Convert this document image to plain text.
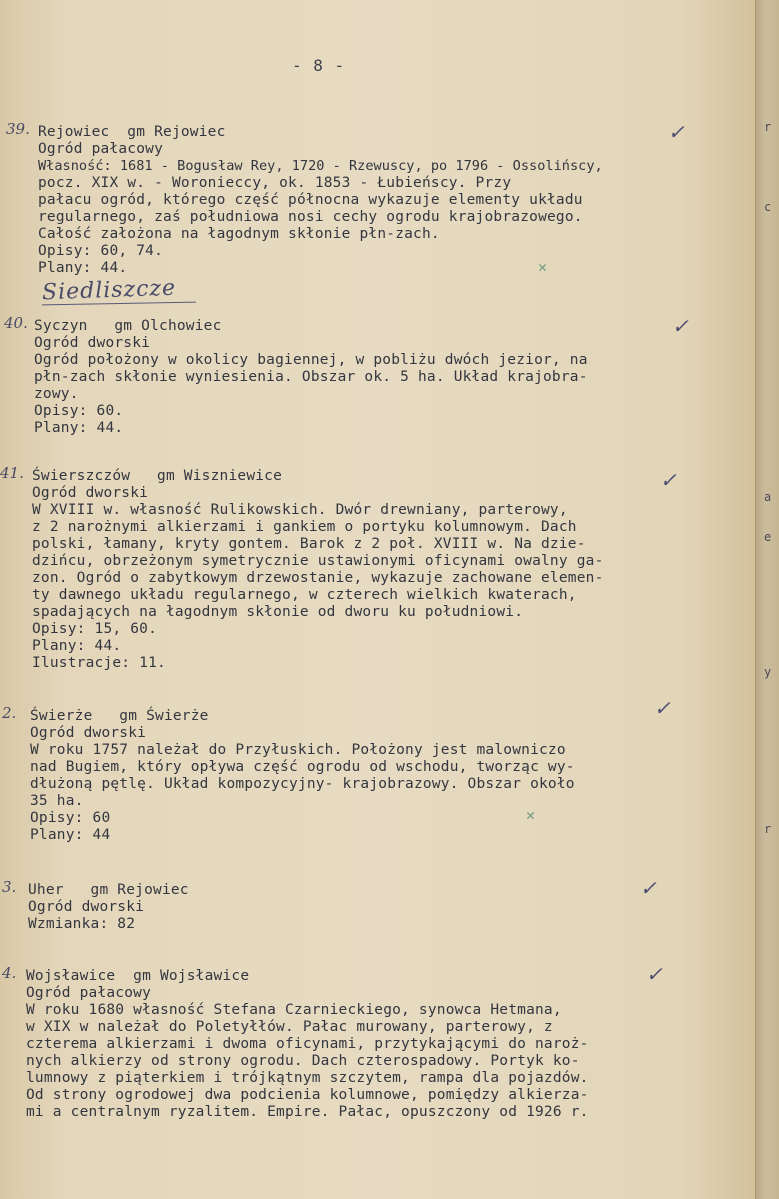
- 8 -
39. Rejowiec  gm Rejowiec
Ogród pałacowy
Własność: 1681 - Bogusław Rey, 1720 - Rzewuscy, po 1796 - Ossolińscy,
pocz. XIX w. - Woronieccy, ok. 1853 - Łubieńscy. Przy
pałacu ogród, którego część północna wykazuje elementy układu
regularnego, zaś południowa nosi cechy ogrodu krajobrazowego.
Całość założona na łagodnym skłonie płn-zach.
Opisy: 60, 74.
Plany: 44.
✓
✕
Siedliszcze
40. Syczyn   gm Olchowiec
Ogród dworski
Ogród położony w okolicy bagiennej, w pobliżu dwóch jezior, na
płn-zach skłonie wyniesienia. Obszar ok. 5 ha. Układ krajobra-
zowy.
Opisy: 60.
Plany: 44.
✓
41. Świerszczów   gm Wiszniewice
Ogród dworski
W XVIII w. własność Rulikowskich. Dwór drewniany, parterowy,
z 2 narożnymi alkierzami i gankiem o portyku kolumnowym. Dach
polski, łamany, kryty gontem. Barok z 2 poł. XVIII w. Na dzie-
dzińcu, obrzeżonym symetrycznie ustawionymi oficynami owalny ga-
zon. Ogród o zabytkowym drzewostanie, wykazuje zachowane elemen-
ty dawnego układu regularnego, w czterech wielkich kwaterach,
spadających na łagodnym skłonie od dworu ku południowi.
Opisy: 15, 60.
Plany: 44.
Ilustracje: 11.
✓
2. Świerże   gm Świerże
Ogród dworski
W roku 1757 należał do Przyłuskich. Położony jest malowniczo
nad Bugiem, który opływa część ogrodu od wschodu, tworząc wy-
dłużoną pętlę. Układ kompozycyjny- krajobrazowy. Obszar około
35 ha.
Opisy: 60
Plany: 44
✓
✕
3. Uher   gm Rejowiec
Ogród dworski
Wzmianka: 82
✓
4. Wojsławice  gm Wojsławice
Ogród pałacowy
W roku 1680 własność Stefana Czarnieckiego, synowca Hetmana,
w XIX w należał do Poletyłłów. Pałac murowany, parterowy, z
czterema alkierzami i dwoma oficynami, przytykającymi do naroż-
nych alkierzy od strony ogrodu. Dach czterospadowy. Portyk ko-
lumnowy z piąterkiem i trójkątnym szczytem, rampa dla pojazdów.
Od strony ogrodowej dwa podcienia kolumnowe, pomiędzy alkierza-
mi a centralnym ryzalitem. Empire. Pałac, opuszczony od 1926 r.
✓
r
c
a
e
y
r
